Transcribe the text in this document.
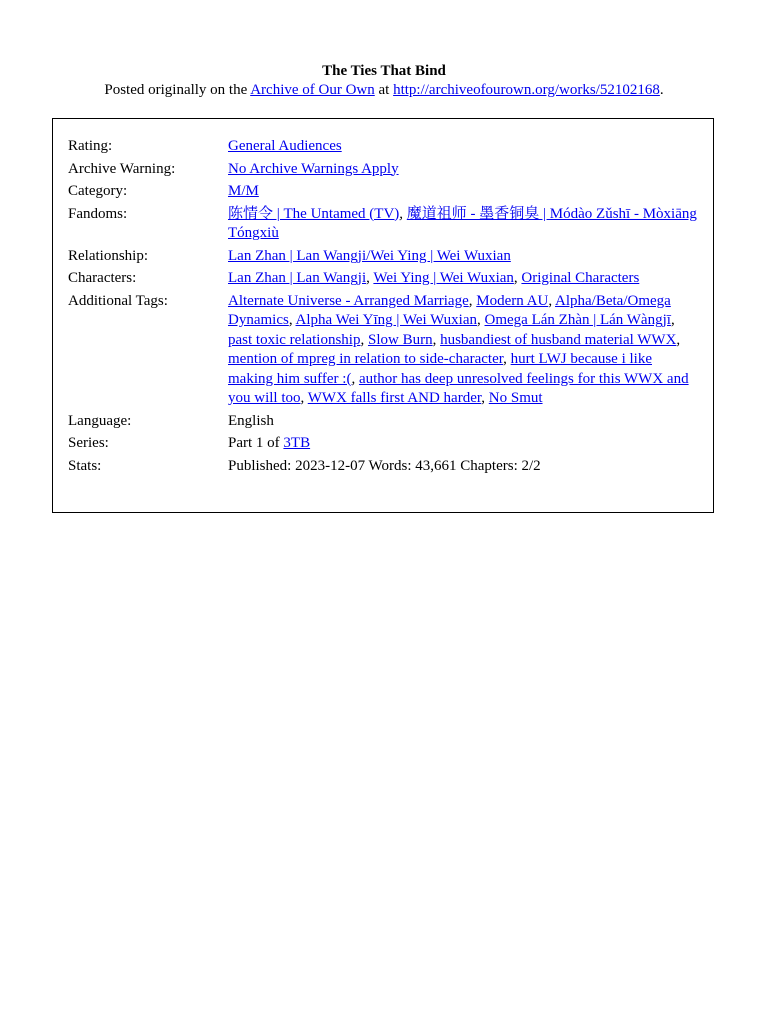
The Ties That Bind

Posted originally on the Archive of Our Own at http://archiveofourown.org/works/52102168.

Rating:	General Audiences
Archive Warning:	No Archive Warnings Apply
Category:	M/M
Fandoms:	陈情令 | The Untamed (TV), 魔道祖师 - 墨香铜臭 | Módào Zǔshī - Mòxiāng Tóngxiù
Relationship:	Lan Zhan | Lan Wangji/Wei Ying | Wei Wuxian
Characters:	Lan Zhan | Lan Wangji, Wei Ying | Wei Wuxian, Original Characters
Additional Tags:	Alternate Universe - Arranged Marriage, Modern AU, Alpha/Beta/Omega Dynamics, Alpha Wei Yīng | Wei Wuxian, Omega Lán Zhàn | Lán Wàngjī, past toxic relationship, Slow Burn, husbandiest of husband material WWX, mention of mpreg in relation to side-character, hurt LWJ because i like making him suffer :(, author has deep unresolved feelings for this WWX and you will too, WWX falls first AND harder, No Smut
Language:	English
Series:	Part 1 of 3TB
Stats:	Published: 2023-12-07 Words: 43,661 Chapters: 2/2
